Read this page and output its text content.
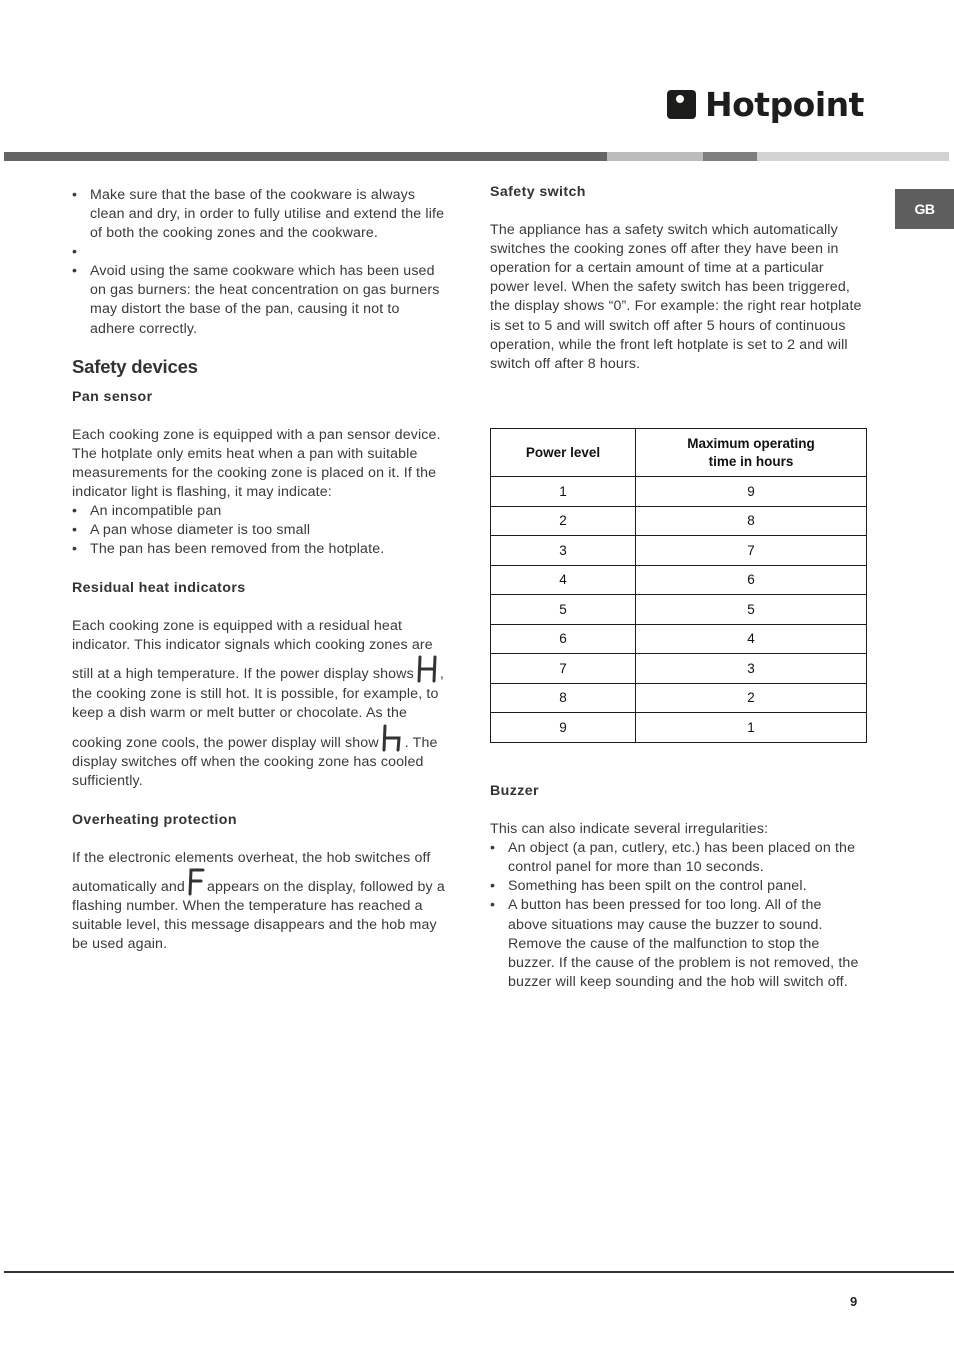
Hotpoint
GB
• Make sure that the base of the cookware is always clean and dry, in order to fully utilise and extend the life of both the cooking zones and the cookware.
•
• Avoid using the same cookware which has been used on gas burners: the heat concentration on gas burners may distort the base of the pan, causing it not to adhere correctly.
Safety devices

Pan sensor

Each cooking zone is equipped with a pan sensor device. The hotplate only emits heat when a pan with suitable measurements for the cooking zone is placed on it. If the indicator light is flashing, it may indicate:

• An incompatible pan
• A pan whose diameter is too small
• The pan has been removed from the hotplate.

Residual heat indicators

Each cooking zone is equipped with a residual heat indicator. This indicator signals which cooking zones are still at a high temperature. If the power display shows , the cooking zone is still hot. It is possible, for example, to keep a dish warm or melt butter or chocolate. As the cooking zone cools, the power display will show . The display switches off when the cooking zone has cooled sufficiently.

Overheating protection

If the electronic elements overheat, the hob switches off automatically and appears on the display, followed by a flashing number. When the temperature has reached a suitable level, this message disappears and the hob may be used again.

Safety switch

The appliance has a safety switch which automatically switches the cooking zones off after they have been in operation for a certain amount of time at a particular power level. When the safety switch has been triggered, the display shows “0”. For example: the right rear hotplate is set to 5 and will switch off after 5 hours of continuous operation, while the front left hotplate is set to 2 and will switch off after 8 hours.

Power level	Maximum operating time in hours
1	9
2	8
3	7
4	6
5	5
6	4
7	3
8	2
9	1

Buzzer

This can also indicate several irregularities:

• An object (a pan, cutlery, etc.) has been placed on the control panel for more than 10 seconds.
• Something has been spilt on the control panel.
• A button has been pressed for too long. All of the above situations may cause the buzzer to sound. Remove the cause of the malfunction to stop the buzzer. If the cause of the problem is not removed, the buzzer will keep sounding and the hob will switch off.
9
